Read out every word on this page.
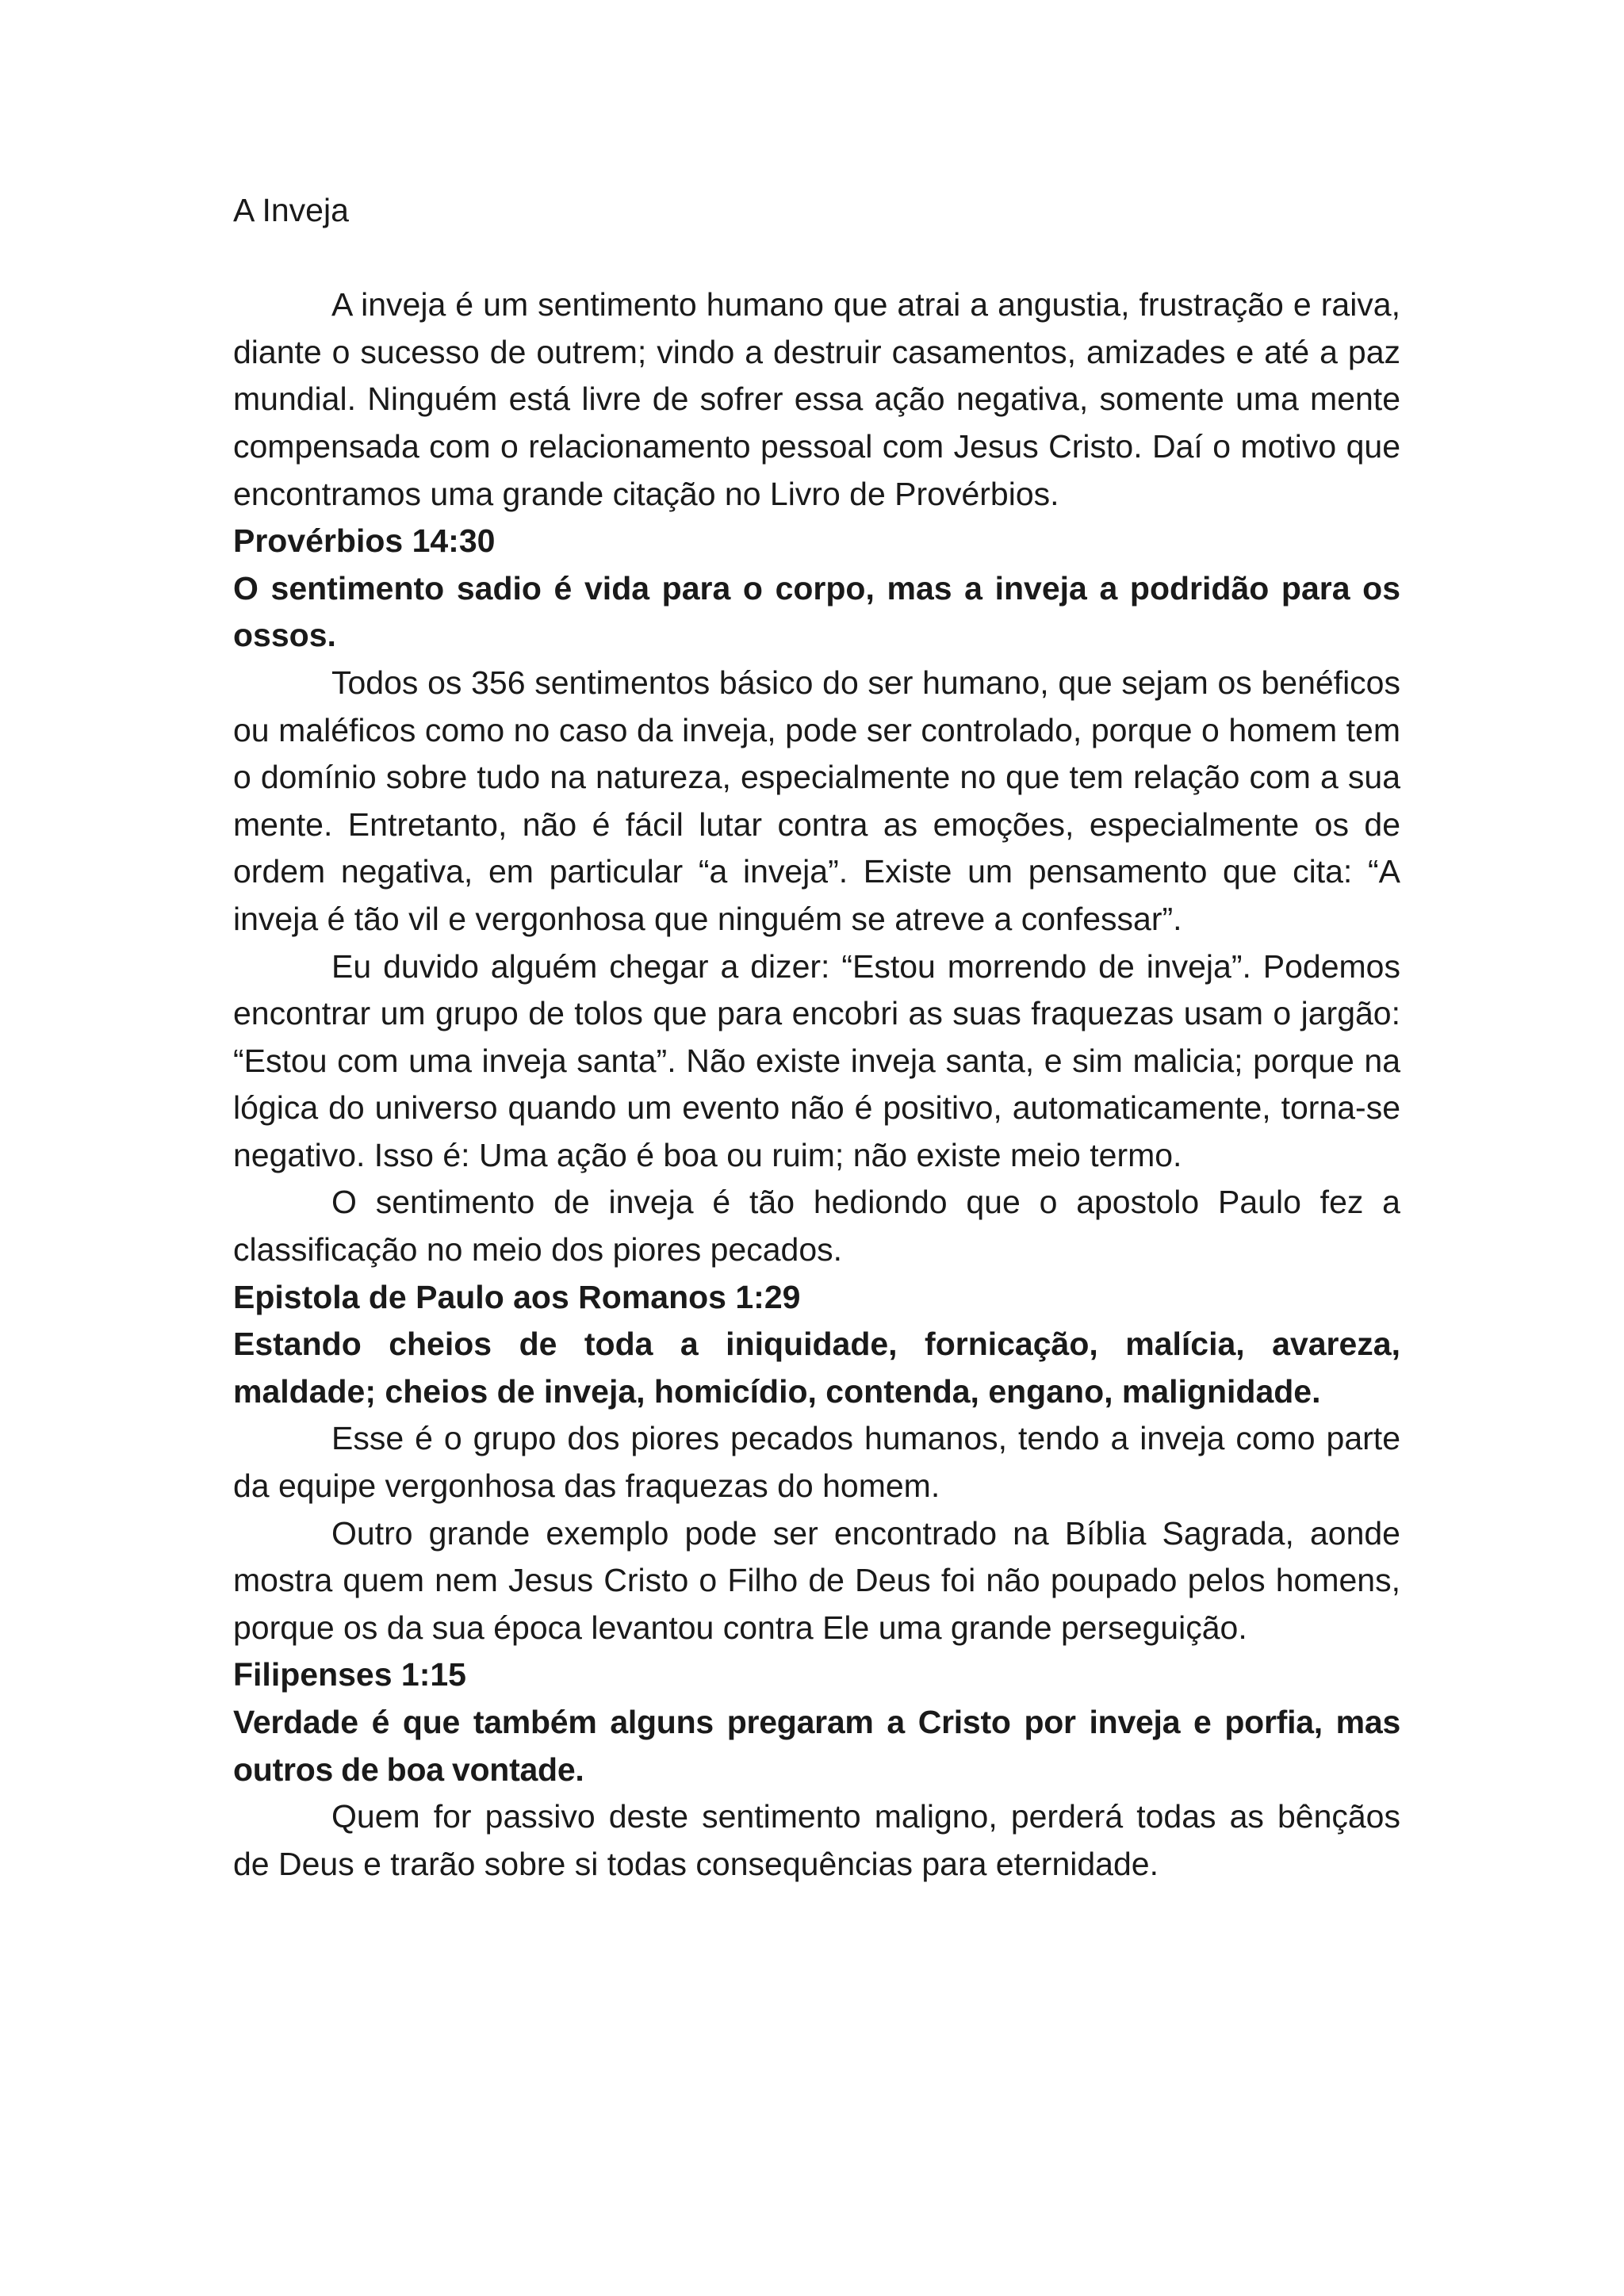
A Inveja

A inveja é um sentimento humano que atrai a angustia, frustração e raiva, diante o sucesso de outrem; vindo a destruir casamentos, amizades e até a paz mundial. Ninguém está livre de sofrer essa ação negativa, somente uma mente compensada com o relacionamento pessoal com Jesus Cristo. Daí o motivo que encontramos uma grande citação no Livro de Provérbios.

Provérbios 14:30

O sentimento sadio é vida para o corpo, mas a inveja a podridão para os ossos.

Todos os 356 sentimentos básico do ser humano, que sejam os benéficos ou maléficos como no caso da inveja, pode ser controlado, porque o homem tem o domínio sobre tudo na natureza, especialmente no que tem relação com a sua mente. Entretanto, não é fácil lutar contra as emoções, especialmente os de ordem negativa, em particular “a inveja”. Existe um pensamento que cita: “A inveja é tão vil e vergonhosa que ninguém se atreve a confessar”.

Eu duvido alguém chegar a dizer: “Estou morrendo de inveja”. Podemos encontrar um grupo de tolos que para encobri as suas fraquezas usam o jargão: “Estou com uma inveja santa”. Não existe inveja santa, e sim malicia; porque na lógica do universo quando um evento não é positivo, automaticamente, torna-se negativo. Isso é: Uma ação é boa ou ruim; não existe meio termo.

O sentimento de inveja é tão hediondo que o apostolo Paulo fez a classificação no meio dos piores pecados.

Epistola de Paulo aos Romanos 1:29

Estando cheios de toda a iniquidade, fornicação, malícia, avareza, maldade; cheios de inveja, homicídio, contenda, engano, malignidade.

Esse é o grupo dos piores pecados humanos, tendo a inveja como parte da equipe vergonhosa das fraquezas do homem.

Outro grande exemplo pode ser encontrado na Bíblia Sagrada, aonde mostra quem nem Jesus Cristo o Filho de Deus foi não poupado pelos homens, porque os da sua época levantou contra Ele uma grande perseguição.

Filipenses 1:15

Verdade é que também alguns pregaram a Cristo por inveja e porfia, mas outros de boa vontade.

Quem for passivo deste sentimento maligno, perderá todas as bênçãos de Deus e trarão sobre si todas consequências para eternidade.
